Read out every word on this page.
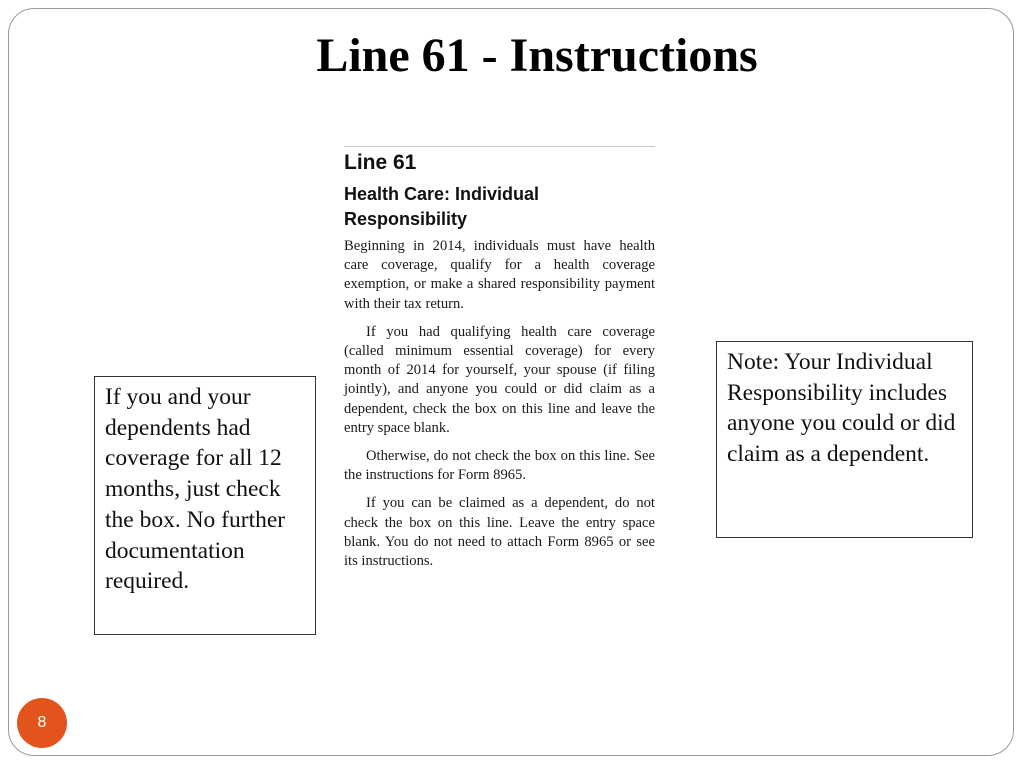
Line 61 - Instructions
Line 61
Health Care: Individual Responsibility

Beginning in 2014, individuals must have health care coverage, qualify for a health coverage exemption, or make a shared responsibility payment with their tax return.

If you had qualifying health care coverage (called minimum essential coverage) for every month of 2014 for yourself, your spouse (if filing jointly), and anyone you could or did claim as a dependent, check the box on this line and leave the entry space blank.

Otherwise, do not check the box on this line. See the instructions for Form 8965.

If you can be claimed as a dependent, do not check the box on this line. Leave the entry space blank. You do not need to attach Form 8965 or see its instructions.

If you and your dependents had coverage for all 12 months, just check the box. No further documentation required.
Note: Your Individual Responsibility includes anyone you could or did claim as a dependent.
8
